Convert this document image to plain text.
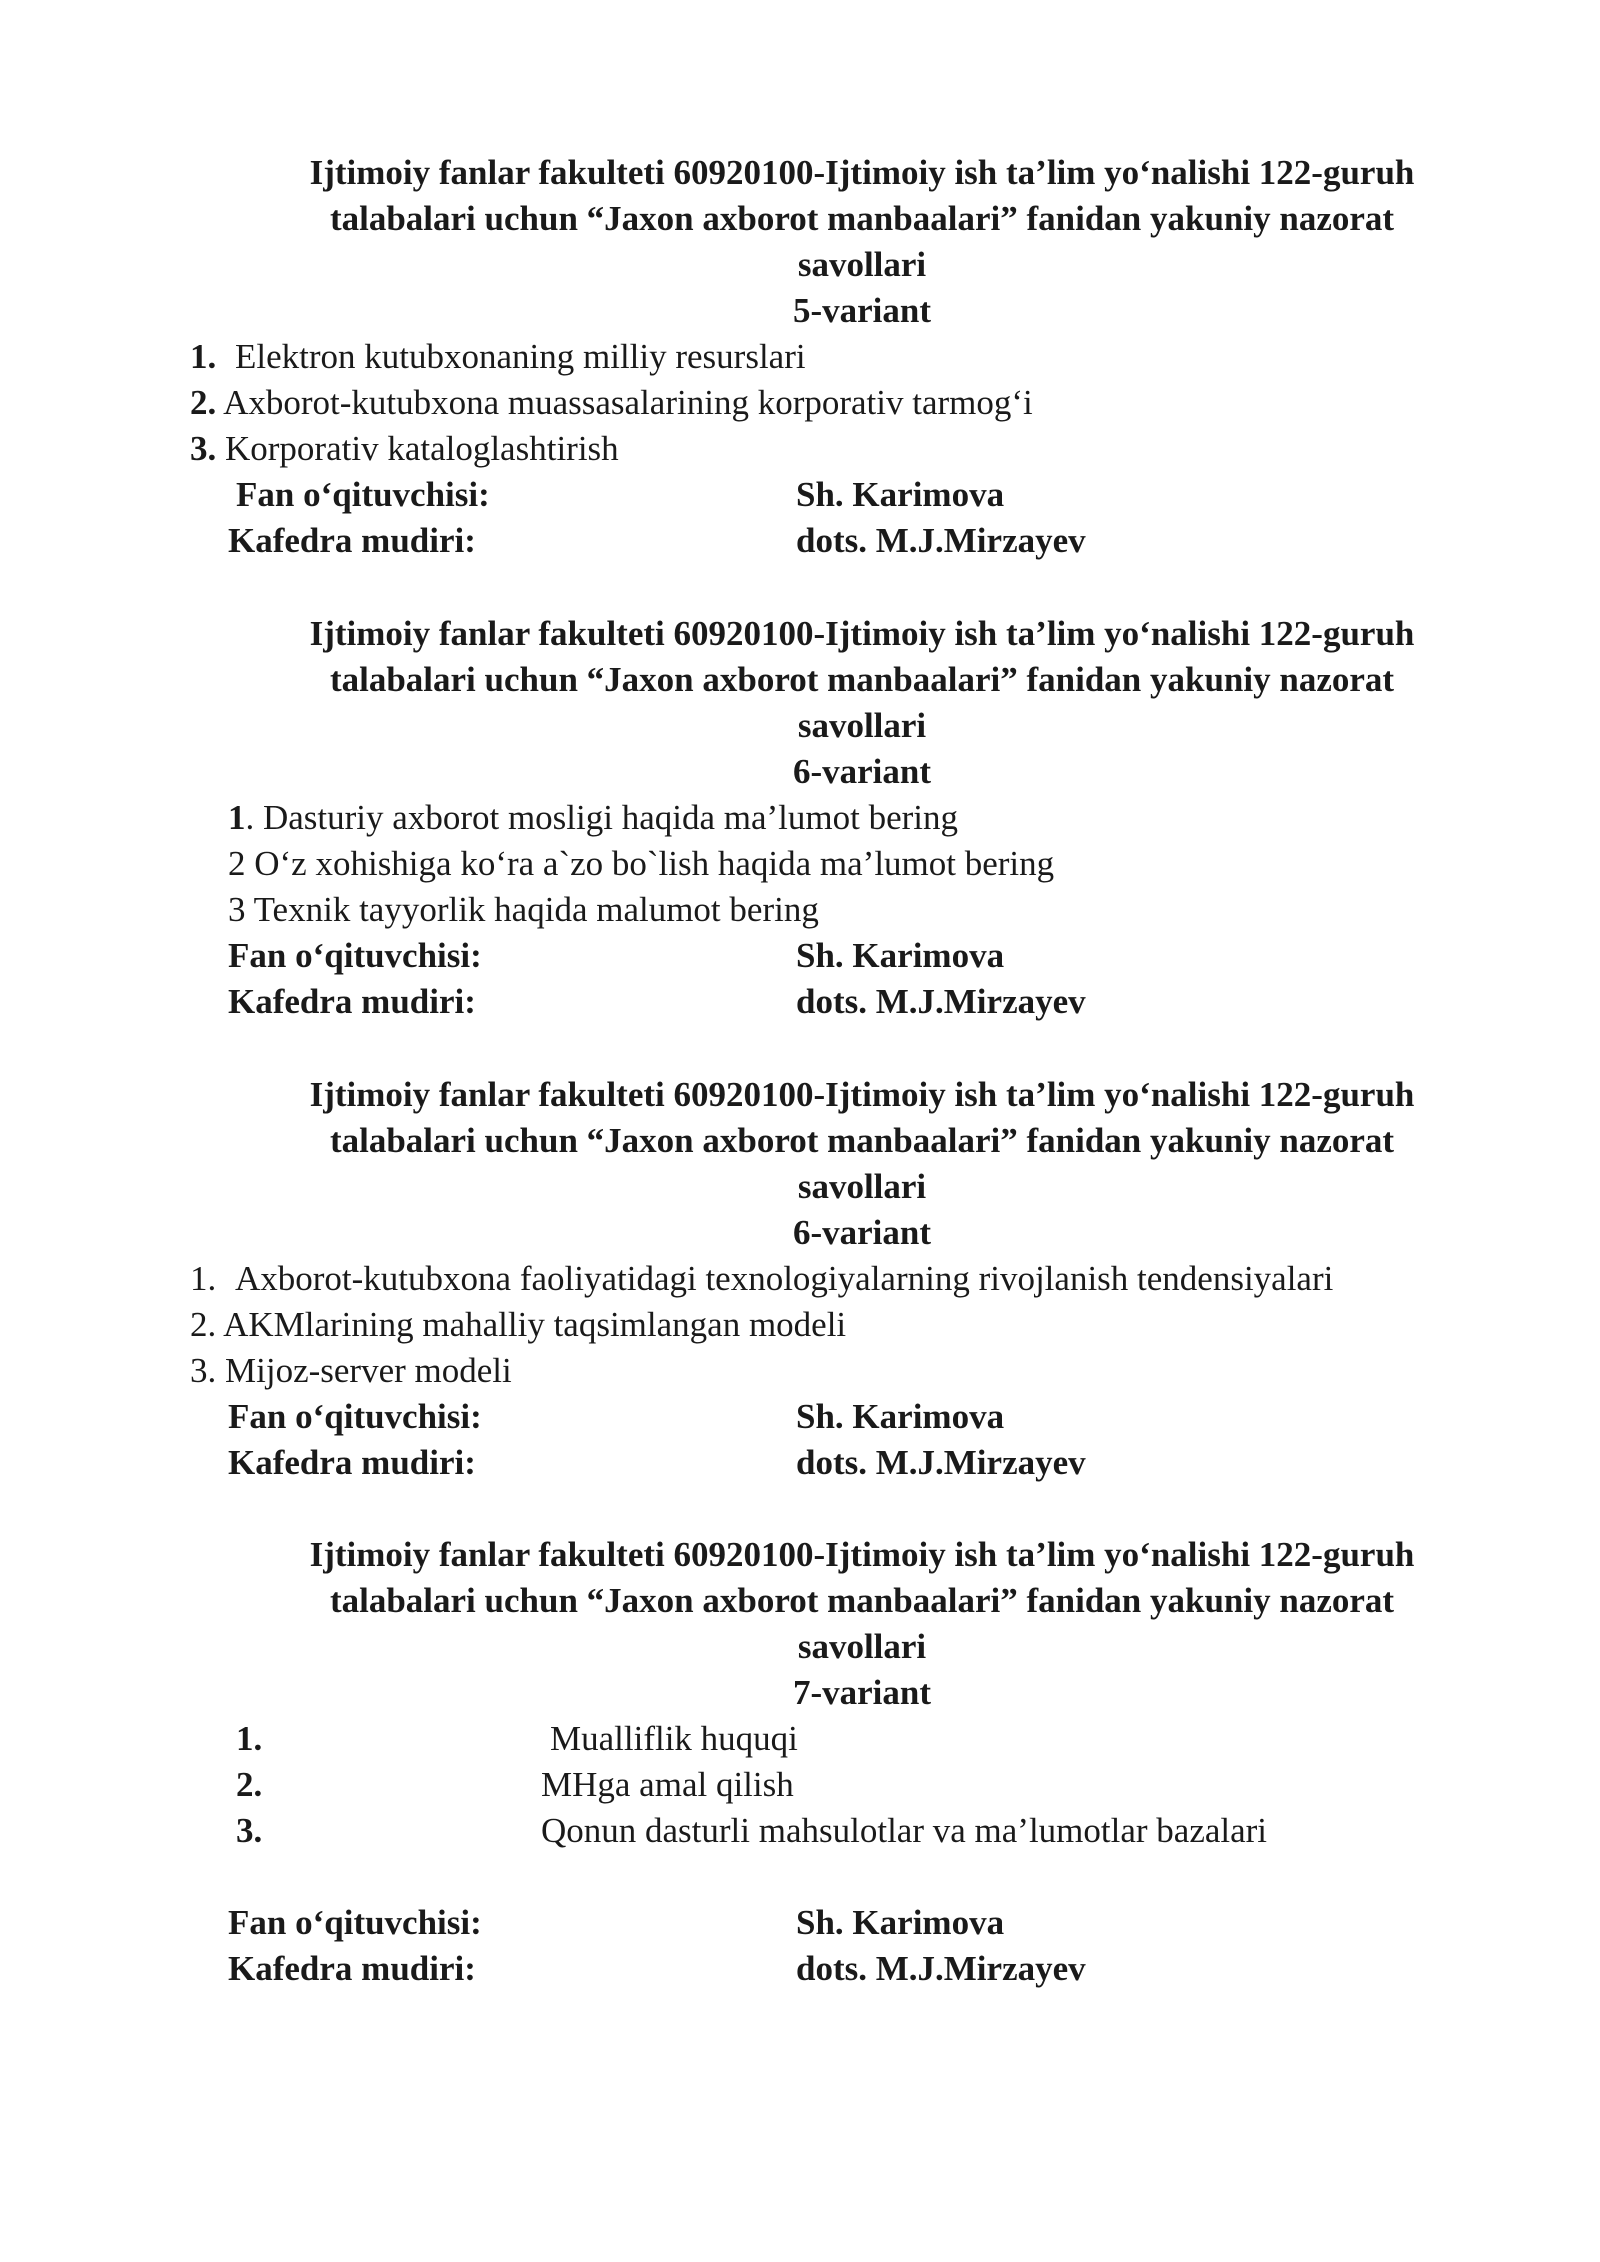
Ijtimoiy fanlar fakulteti 60920100-Ijtimoiy ish ta’lim yo‘nalishi 122-guruh
talabalari uchun “Jaxon axborot manbaalari” fanidan yakuniy nazorat
savollari
5-variant
1. Elektron kutubxonaning milliy resurslari
2. Axborot-kutubxona muassasalarining korporativ tarmog‘i
3. Korporativ kataloglashtirish
Fan o‘qituvchisi:	Sh. Karimova
Kafedra mudiri:	dots. M.J.Mirzayev
Ijtimoiy fanlar fakulteti 60920100-Ijtimoiy ish ta’lim yo‘nalishi 122-guruh
talabalari uchun “Jaxon axborot manbaalari” fanidan yakuniy nazorat
savollari
6-variant
1. Dasturiy axborot mosligi haqida ma’lumot bering
2 O‘z xohishiga ko‘ra a`zo bo`lish haqida ma’lumot bering
3 Texnik tayyorlik haqida malumot bering
Fan o‘qituvchisi:	Sh. Karimova
Kafedra mudiri:	dots. M.J.Mirzayev
Ijtimoiy fanlar fakulteti 60920100-Ijtimoiy ish ta’lim yo‘nalishi 122-guruh
talabalari uchun “Jaxon axborot manbaalari” fanidan yakuniy nazorat
savollari
6-variant
1. Axborot-kutubxona faoliyatidagi texnologiyalarning rivojlanish tendensiyalari
2. AKMlarining mahalliy taqsimlangan modeli
3. Mijoz-server modeli
Fan o‘qituvchisi:	Sh. Karimova
Kafedra mudiri:	dots. M.J.Mirzayev
Ijtimoiy fanlar fakulteti 60920100-Ijtimoiy ish ta’lim yo‘nalishi 122-guruh
talabalari uchun “Jaxon axborot manbaalari” fanidan yakuniy nazorat
savollari
7-variant
1.	Mualliflik huquqi
2.	MHga amal qilish
3.	Qonun dasturli mahsulotlar va ma’lumotlar bazalari
Fan o‘qituvchisi:	Sh. Karimova
Kafedra mudiri:	dots. M.J.Mirzayev
